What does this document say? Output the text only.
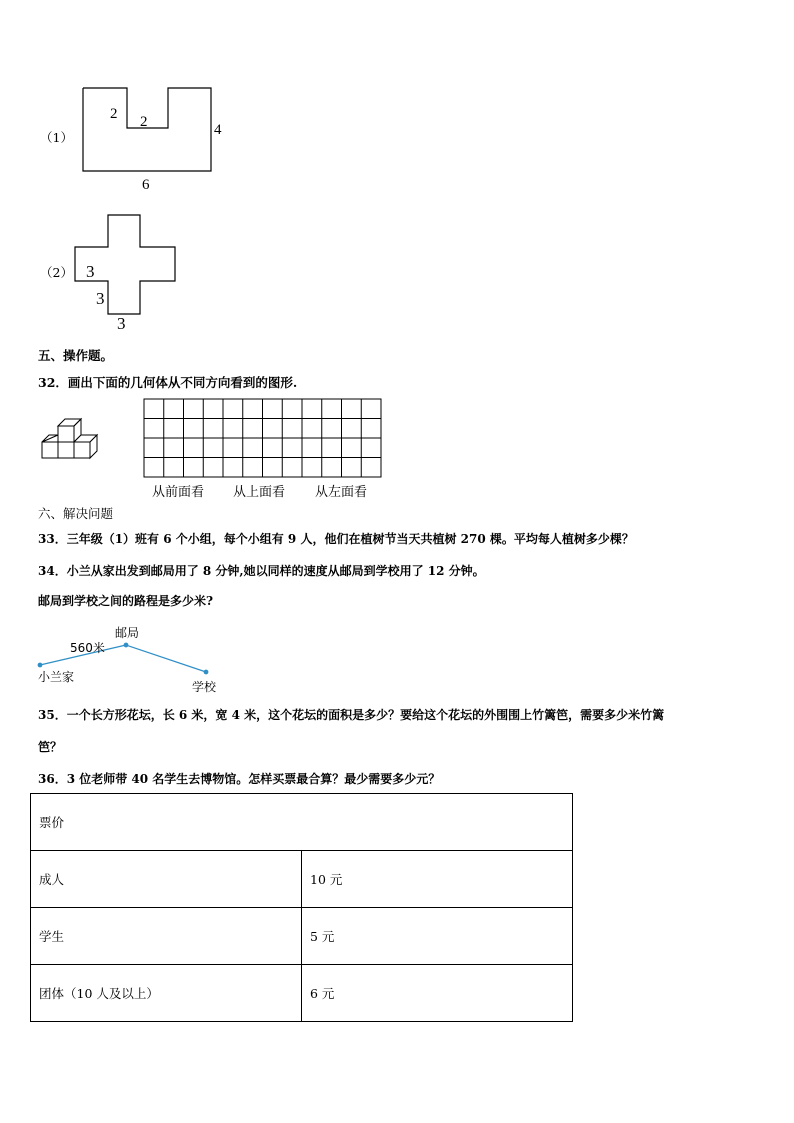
（1）
2 2	4
6
（2） 3
3
3
五、操作题。
32．画出下面的几何体从不同方向看到的图形.
从前面看 从上面看 从左面看
六、解决问题
33．三年级（1）班有 6 个小组，每个小组有 9 人，他们在植树节当天共植树 270 棵。平均每人植树多少棵？
34．小兰从家出发到邮局用了 8 分钟,她以同样的速度从邮局到学校用了 12 分钟。
邮局到学校之间的路程是多少米?
邮局
560米
小兰家
学校
35．一个长方形花坛，长 6 米，宽 4 米，这个花坛的面积是多少？要给这个花坛的外围围上竹篱笆，需要多少米竹篱
笆？
36．3 位老师带 40 名学生去博物馆。怎样买票最合算？最少需要多少元？
票价	
成人	10 元
学生	5 元
团体（10 人及以上）	6 元
